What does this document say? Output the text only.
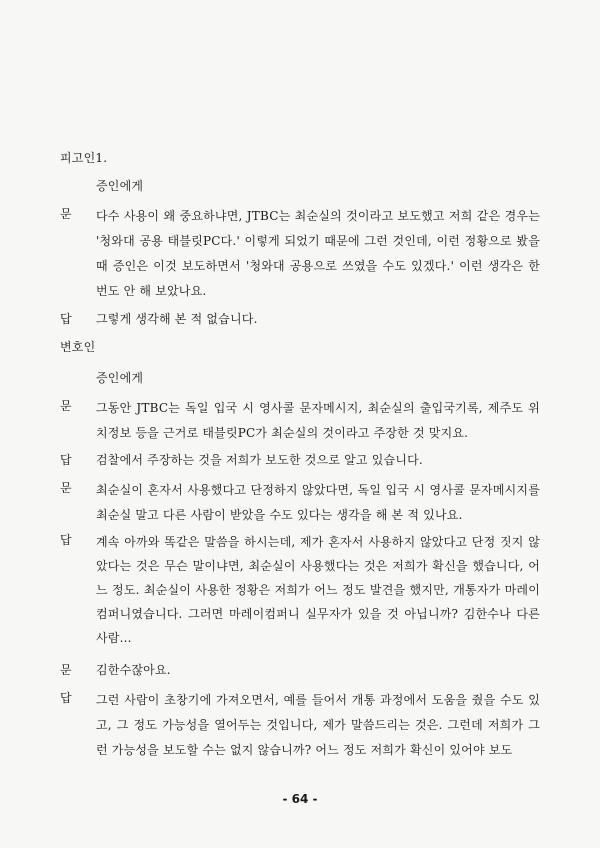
피고인1.
증인에게
문	다수 사용이 왜 중요하냐면, JTBC는 최순실의 것이라고 보도했고 저희 같은 경우는 '청와대 공용 태블릿PC다.' 이렇게 되었기 때문에 그런 것인데, 이런 정황으로 봤을 때 증인은 이것 보도하면서 '청와대 공용으로 쓰였을 수도 있겠다.' 이런 생각은 한 번도 안 해 보았나요.
답	그렇게 생각해 본 적 없습니다.
변호인
증인에게
문	그동안 JTBC는 독일 입국 시 영사콜 문자메시지, 최순실의 출입국기록, 제주도 위치정보 등을 근거로 태블릿PC가 최순실의 것이라고 주장한 것 맞지요.
답	검찰에서 주장하는 것을 저희가 보도한 것으로 알고 있습니다.
문	최순실이 혼자서 사용했다고 단정하지 않았다면, 독일 입국 시 영사콜 문자메시지를 최순실 말고 다른 사람이 받았을 수도 있다는 생각을 해 본 적 있나요.
답	계속 아까와 똑같은 말씀을 하시는데, 제가 혼자서 사용하지 않았다고 단정 짓지 않았다는 것은 무슨 말이냐면, 최순실이 사용했다는 것은 저희가 확신을 했습니다, 어느 정도. 최순실이 사용한 정황은 저희가 어느 정도 발견을 했지만, 개통자가 마레이컴퍼니였습니다. 그러면 마레이컴퍼니 실무자가 있을 것 아닙니까? 김한수나 다른 사람...
문	김한수잖아요.
답	그런 사람이 초창기에 가져오면서, 예를 들어서 개통 과정에서 도움을 줬을 수도 있고, 그 정도 가능성을 열어두는 것입니다, 제가 말씀드리는 것은. 그런데 저희가 그런 가능성을 보도할 수는 없지 않습니까? 어느 정도 저희가 확신이 있어야 보도
- 64 -
